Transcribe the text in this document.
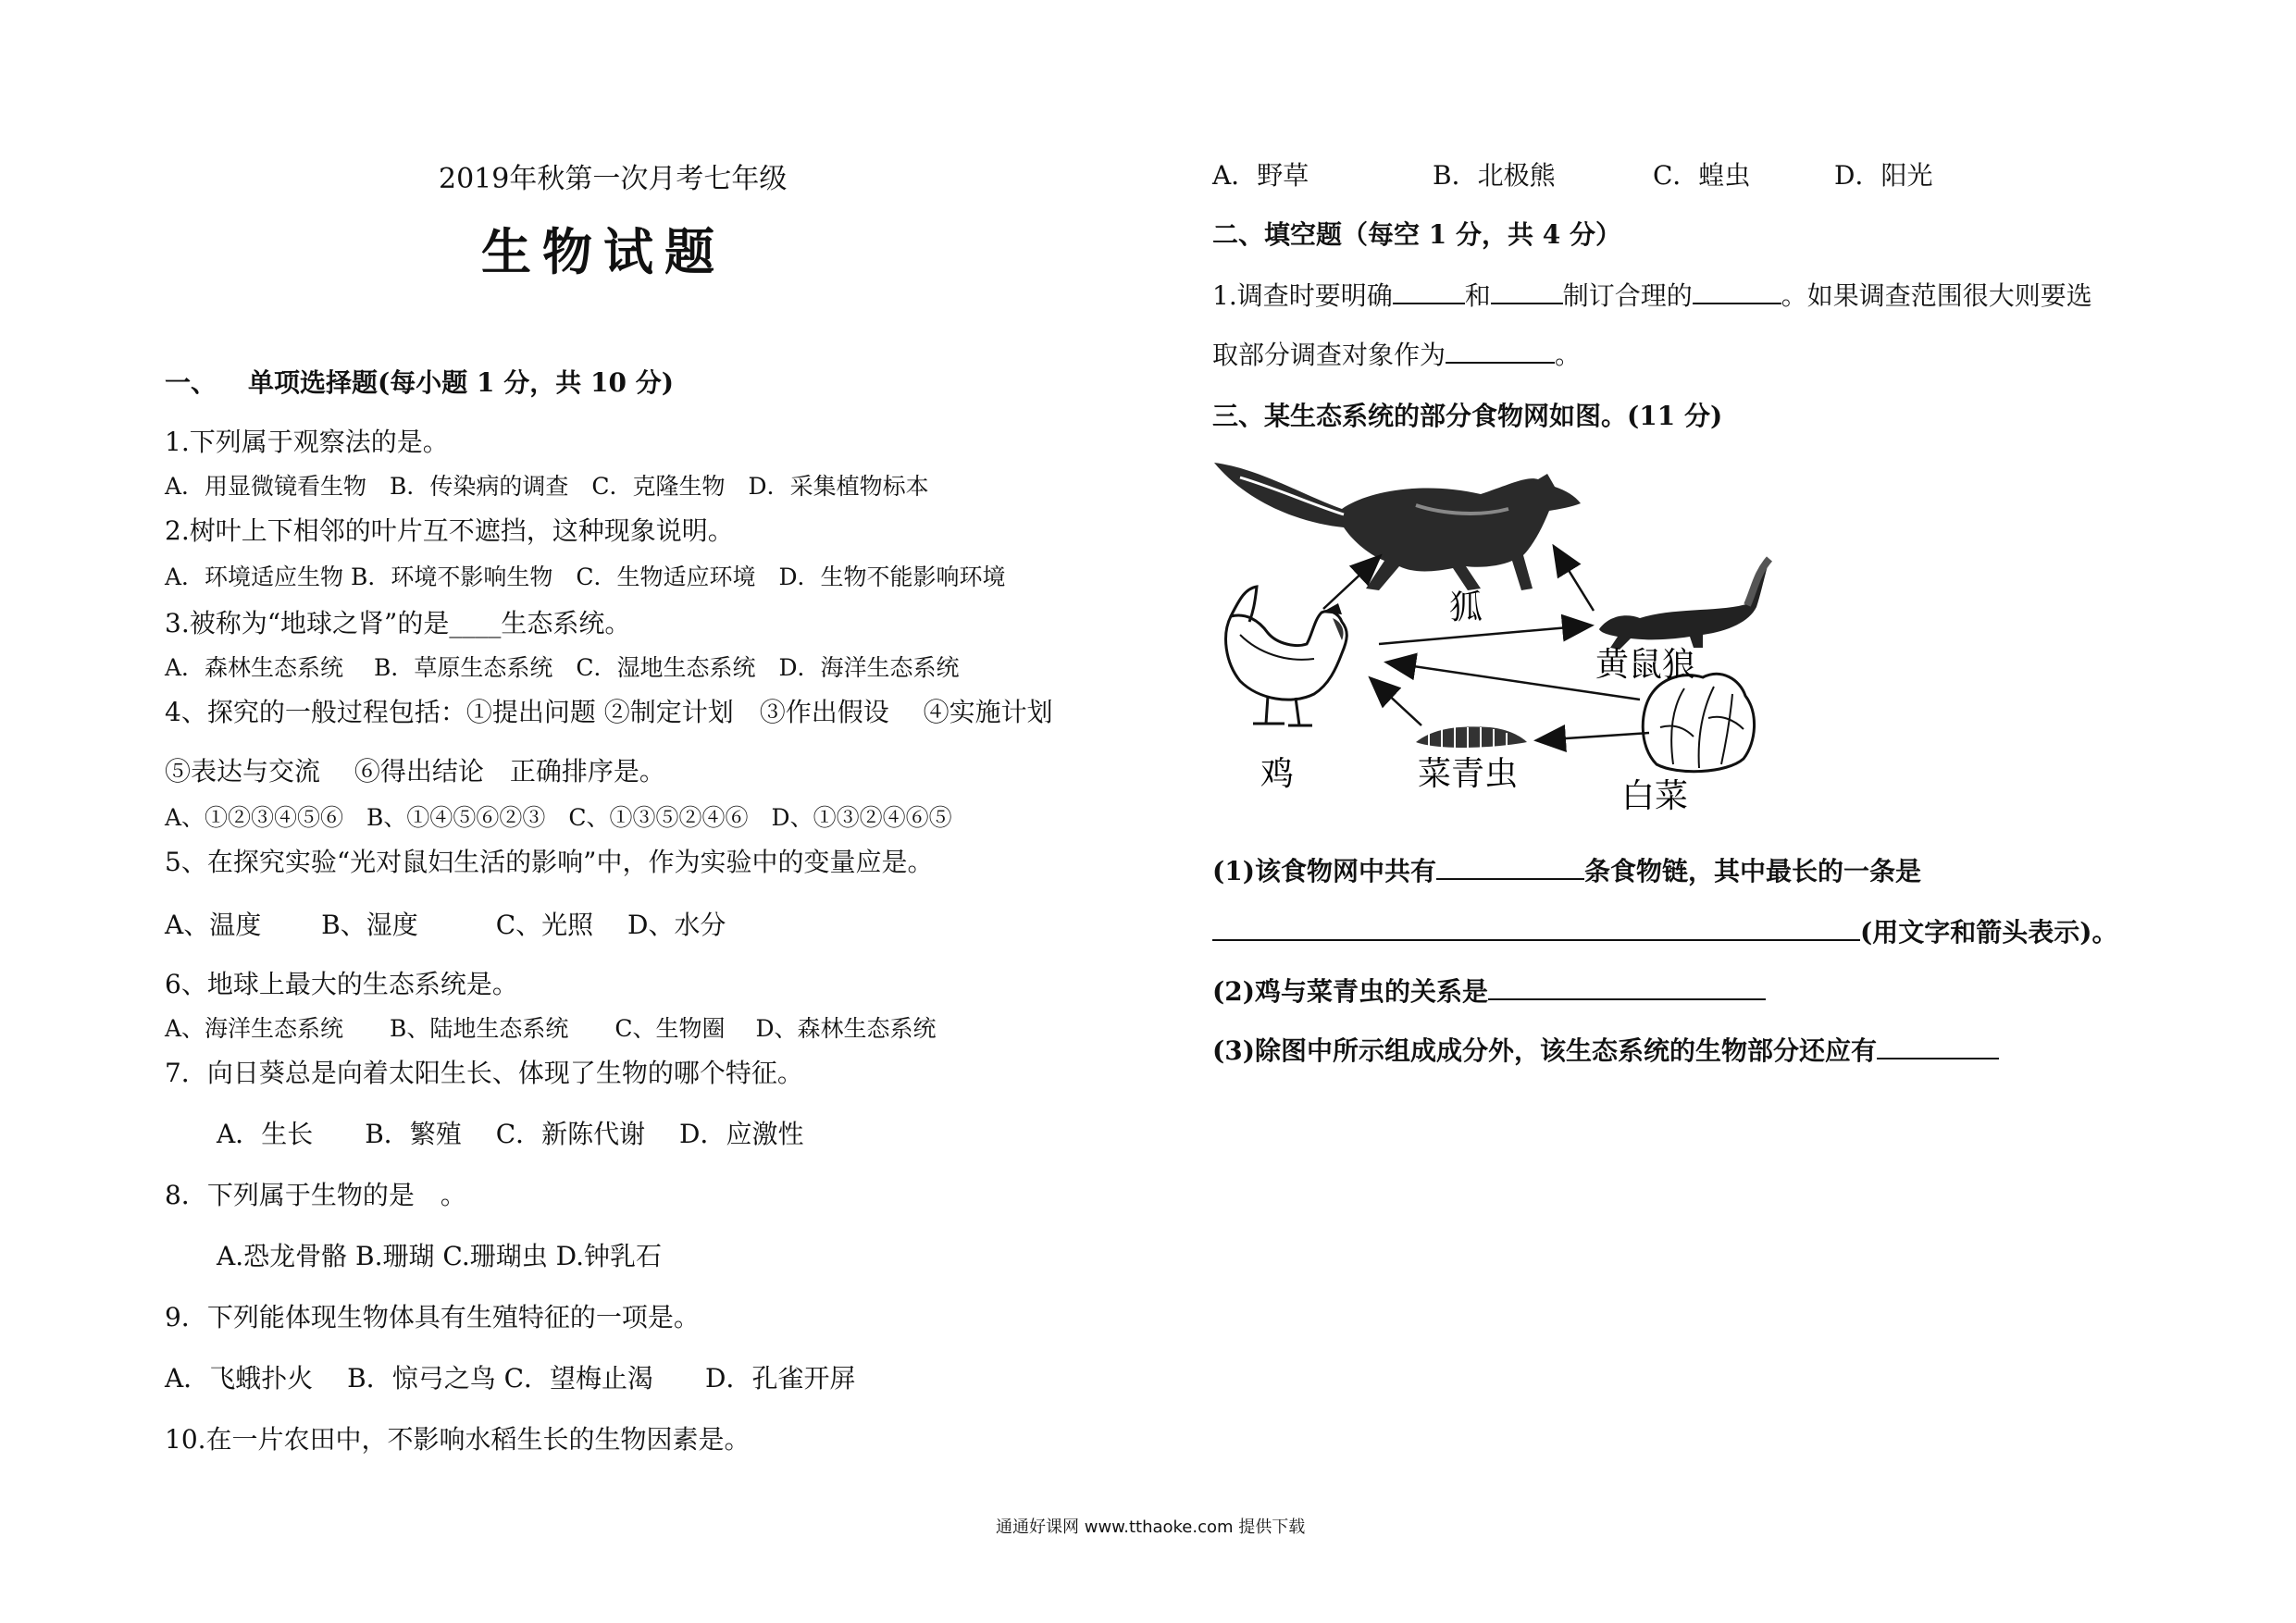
2019年秋第一次月考七年级
生物试题
一、 单项选择题(每小题 1 分，共 10 分)
1.下列属于观察法的是。
A．用显微镜看生物　B．传染病的调查　C．克隆生物　D．采集植物标本
2.树叶上下相邻的叶片互不遮挡，这种现象说明。
A．环境适应生物 B．环境不影响生物　C．生物适应环境　D．生物不能影响环境
3.被称为“地球之肾”的是____生态系统。
A．森林生态系统　 B．草原生态系统　C．湿地生态系统　D．海洋生态系统
4、探究的一般过程包括：①提出问题 ②制定计划　③作出假设　 ④实施计划
⑤表达与交流　 ⑥得出结论　正确排序是。
A、①②③④⑤⑥　B、①④⑤⑥②③　C、①③⑤②④⑥　D、①③②④⑥⑤
5、在探究实验“光对鼠妇生活的影响”中，作为实验中的变量应是。
A、温度　　 B、湿度　　　C、光照　 D、水分
6、地球上最大的生态系统是。
A、海洋生态系统　　B、陆地生态系统　　C、生物圈　 D、森林生态系统
7．向日葵总是向着太阳生长、体现了生物的哪个特征。
A．生长　　B．繁殖　 C．新陈代谢　 D．应激性
8．下列属于生物的是　。
A.恐龙骨骼 B.珊瑚 C.珊瑚虫 D.钟乳石
9．下列能体现生物体具有生殖特征的一项是。
A．飞蛾扑火　 B．惊弓之鸟 C．望梅止渴　　D．孔雀开屏
10.在一片农田中，不影响水稻生长的生物因素是。
A．野草	B．北极熊	C．蝗虫	D．阳光
二、填空题（每空 1 分，共 4 分）
1.调查时要明确	和	制订合理的	。如果调查范围很大则要选
取部分调查对象作为	。
三、某生态系统的部分食物网如图。(11 分)
狐
黄鼠狼
鸡	菜青虫
白菜
(1)该食物网中共有	条食物链，其中最长的一条是
(用文字和箭头表示)。
(2)鸡与菜青虫的关系是
(3)除图中所示组成成分外，该生态系统的生物部分还应有
通通好课网 www.tthaoke.com 提供下载
